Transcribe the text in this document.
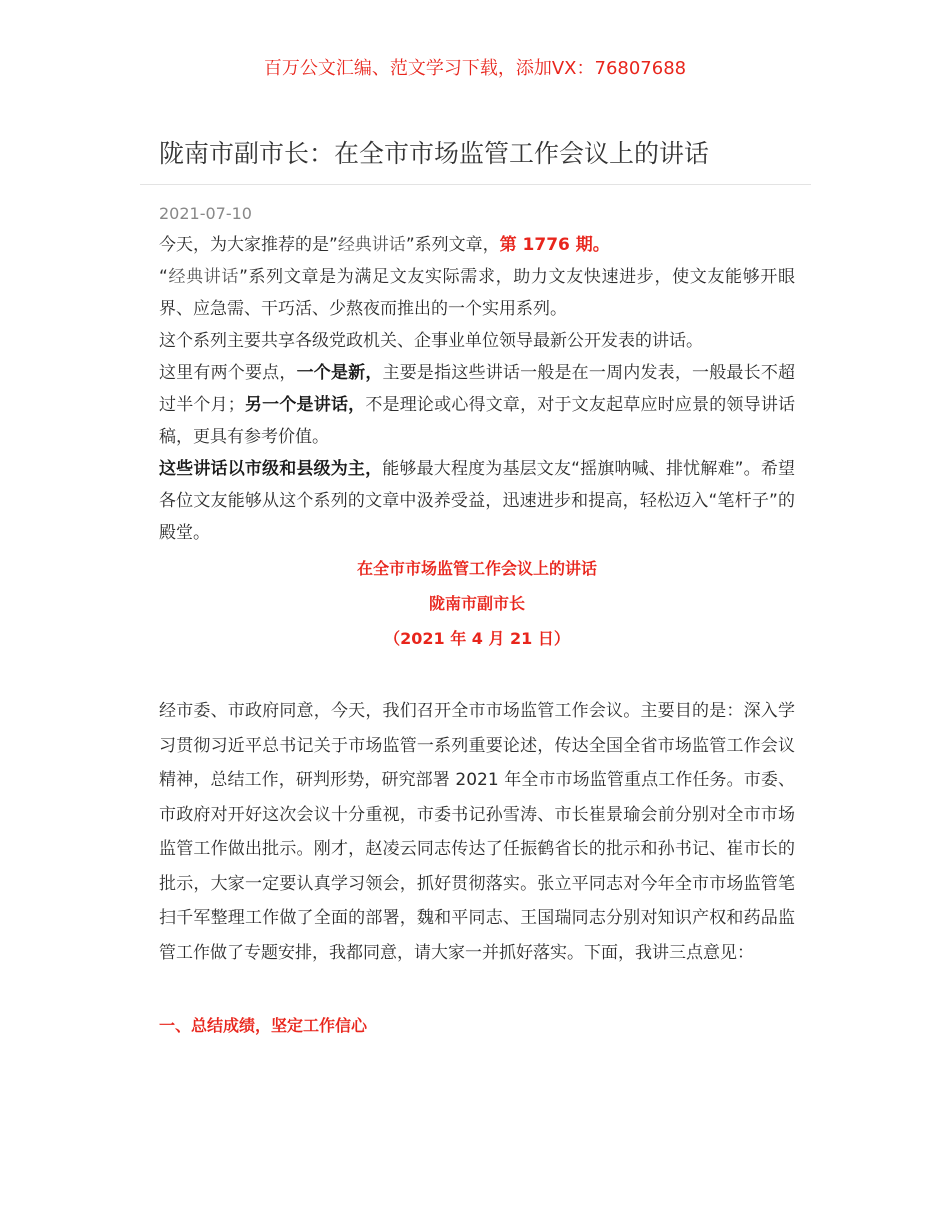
百万公文汇编、范文学习下载，添加VX：76807688
陇南市副市长：在全市市场监管工作会议上的讲话
2021-07-10

今天，为大家推荐的是”经典讲话”系列文章，第 1776 期。

“经典讲话”系列文章是为满足文友实际需求，助力文友快速进步，使文友能够开眼界、应急需、干巧活、少熬夜而推出的一个实用系列。

这个系列主要共享各级党政机关、企事业单位领导最新公开发表的讲话。

这里有两个要点，一个是新，主要是指这些讲话一般是在一周内发表，一般最长不超过半个月；另一个是讲话，不是理论或心得文章，对于文友起草应时应景的领导讲话稿，更具有参考价值。

这些讲话以市级和县级为主，能够最大程度为基层文友“摇旗呐喊、排忧解难”。希望各位文友能够从这个系列的文章中汲养受益，迅速进步和提高，轻松迈入“笔杆子”的殿堂。

在全市市场监管工作会议上的讲话

陇南市副市长

（2021 年 4 月 21 日）

经市委、市政府同意，今天，我们召开全市市场监管工作会议。主要目的是：深入学习贯彻习近平总书记关于市场监管一系列重要论述，传达全国全省市场监管工作会议精神，总结工作，研判形势，研究部署 2021 年全市市场监管重点工作任务。市委、市政府对开好这次会议十分重视，市委书记孙雪涛、市长崔景瑜会前分别对全市市场监管工作做出批示。刚才，赵凌云同志传达了任振鹤省长的批示和孙书记、崔市长的批示，大家一定要认真学习领会，抓好贯彻落实。张立平同志对今年全市市场监管笔扫千军整理工作做了全面的部署，魏和平同志、王国瑞同志分别对知识产权和药品监管工作做了专题安排，我都同意，请大家一并抓好落实。下面，我讲三点意见：

一、总结成绩，坚定工作信心
